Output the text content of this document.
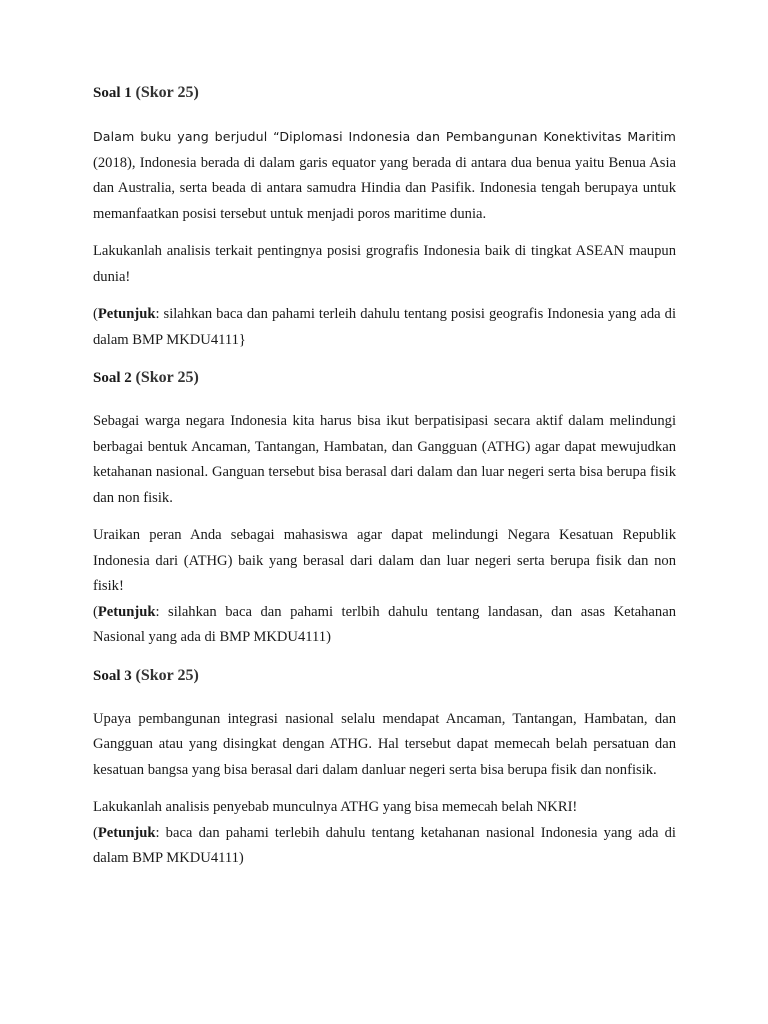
Soal 1 (Skor 25)

Dalam buku yang berjudul “Diplomasi Indonesia dan Pembangunan Konektivitas Maritim (2018), Indonesia berada di dalam garis equator yang berada di antara dua benua yaitu Benua Asia dan Australia, serta beada di antara samudra Hindia dan Pasifik. Indonesia tengah berupaya untuk memanfaatkan posisi tersebut untuk menjadi poros maritime dunia.

Lakukanlah analisis terkait pentingnya posisi grografis Indonesia baik di tingkat ASEAN maupun dunia!

(Petunjuk: silahkan baca dan pahami terleih dahulu tentang posisi geografis Indonesia yang ada di dalam BMP MKDU4111}

Soal 2 (Skor 25)

Sebagai warga negara Indonesia kita harus bisa ikut berpatisipasi secara aktif dalam melindungi berbagai bentuk Ancaman, Tantangan, Hambatan, dan Gangguan (ATHG) agar dapat mewujudkan ketahanan nasional. Ganguan tersebut bisa berasal dari dalam dan luar negeri serta bisa berupa fisik dan non fisik.

Uraikan peran Anda sebagai mahasiswa agar dapat melindungi Negara Kesatuan Republik Indonesia dari (ATHG) baik yang berasal dari dalam dan luar negeri serta berupa fisik dan non fisik!

(Petunjuk: silahkan baca dan pahami terlbih dahulu tentang landasan, dan asas Ketahanan Nasional yang ada di BMP MKDU4111)

Soal 3 (Skor 25)

Upaya pembangunan integrasi nasional selalu mendapat Ancaman, Tantangan, Hambatan, dan Gangguan atau yang disingkat dengan ATHG. Hal tersebut dapat memecah belah persatuan dan kesatuan bangsa yang bisa berasal dari dalam danluar negeri serta bisa berupa fisik dan nonfisik.

Lakukanlah analisis penyebab munculnya ATHG yang bisa memecah belah NKRI!

(Petunjuk: baca dan pahami terlebih dahulu tentang ketahanan nasional Indonesia yang ada di dalam BMP MKDU4111)
